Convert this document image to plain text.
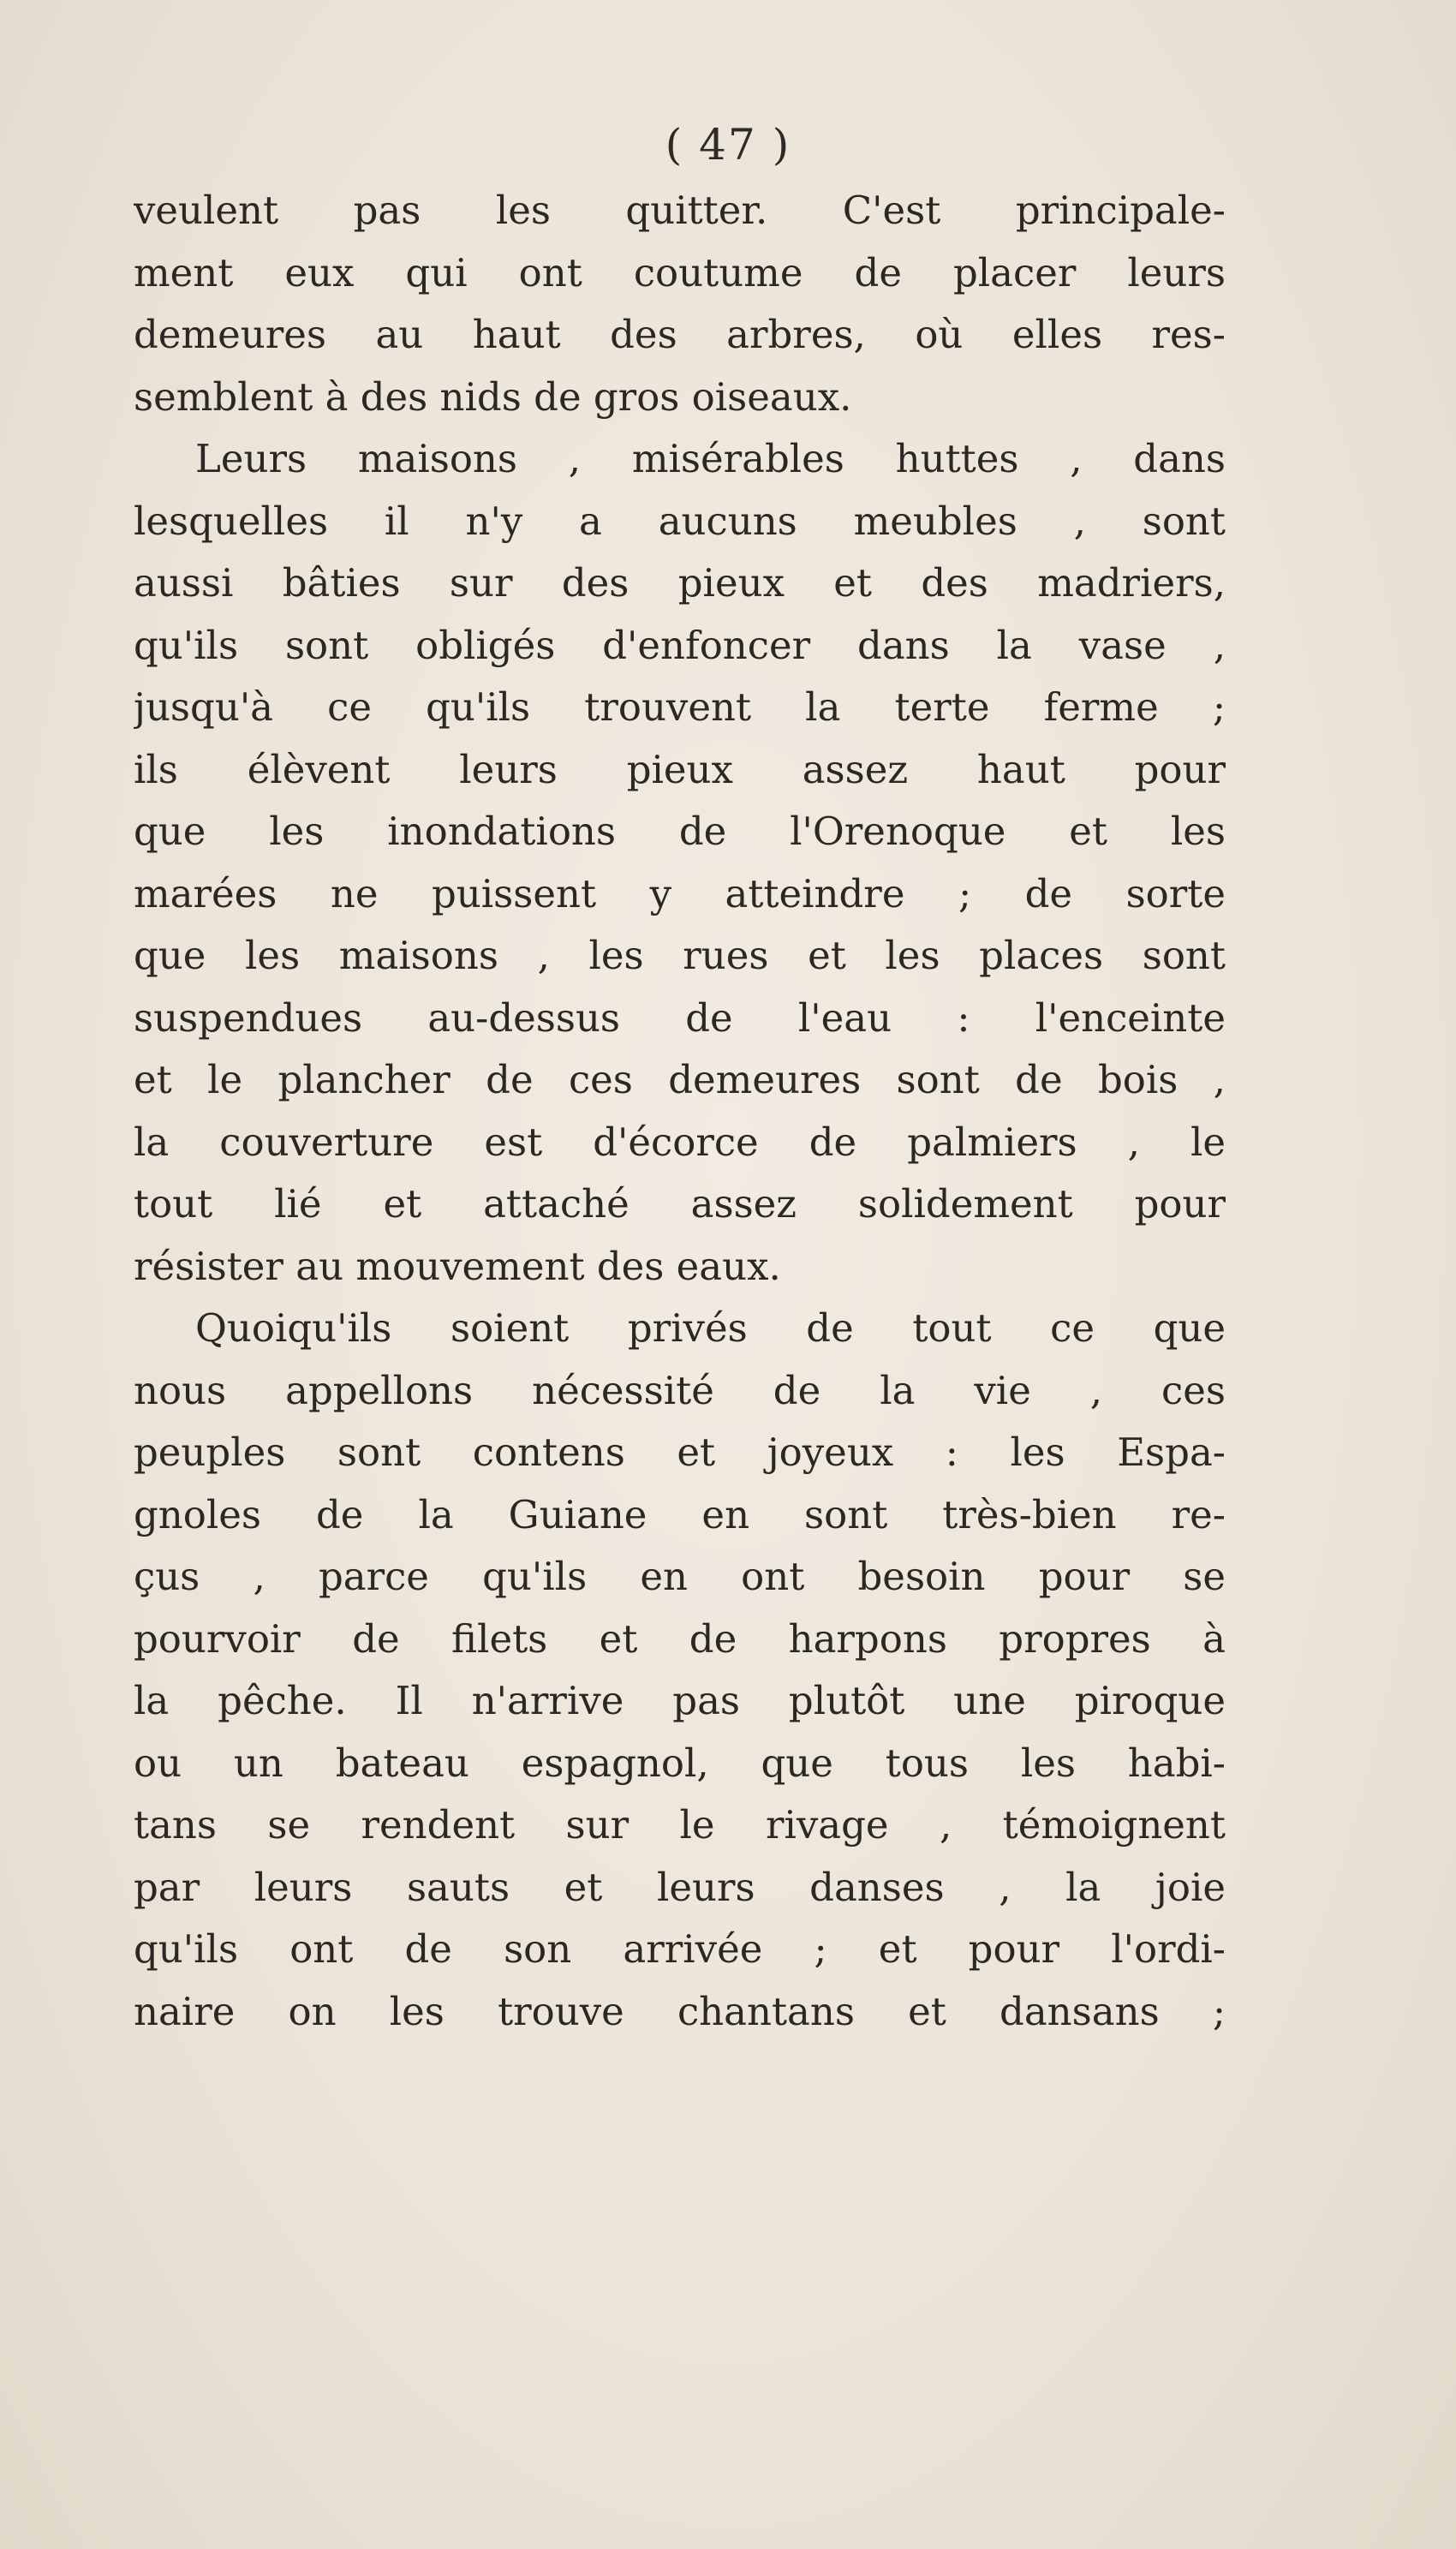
( 47 )
veulent pas les quitter. C'est principale-
ment eux qui ont coutume de placer leurs
demeures au haut des arbres, où elles res-
semblent à des nids de gros oiseaux.
Leurs maisons , misérables huttes , dans
lesquelles il n'y a aucuns meubles , sont
aussi bâties sur des pieux et des madriers,
qu'ils sont obligés d'enfoncer dans la vase ,
jusqu'à ce qu'ils trouvent la terte ferme ;
ils élèvent leurs pieux assez haut pour
que les inondations de l'Orenoque et les
marées ne puissent y atteindre ; de sorte
que les maisons , les rues et les places sont
suspendues au-dessus de l'eau : l'enceinte
et le plancher de ces demeures sont de bois ,
la couverture est d'écorce de palmiers , le
tout lié et attaché assez solidement pour
résister au mouvement des eaux.
Quoiqu'ils soient privés de tout ce que
nous appellons nécessité de la vie , ces
peuples sont contens et joyeux : les Espa-
gnoles de la Guiane en sont très-bien re-
çus , parce qu'ils en ont besoin pour se
pourvoir de filets et de harpons propres à
la pêche. Il n'arrive pas plutôt une piroque
ou un bateau espagnol, que tous les habi-
tans se rendent sur le rivage , témoignent
par leurs sauts et leurs danses , la joie
qu'ils ont de son arrivée ; et pour l'ordi-
naire on les trouve chantans et dansans ;
